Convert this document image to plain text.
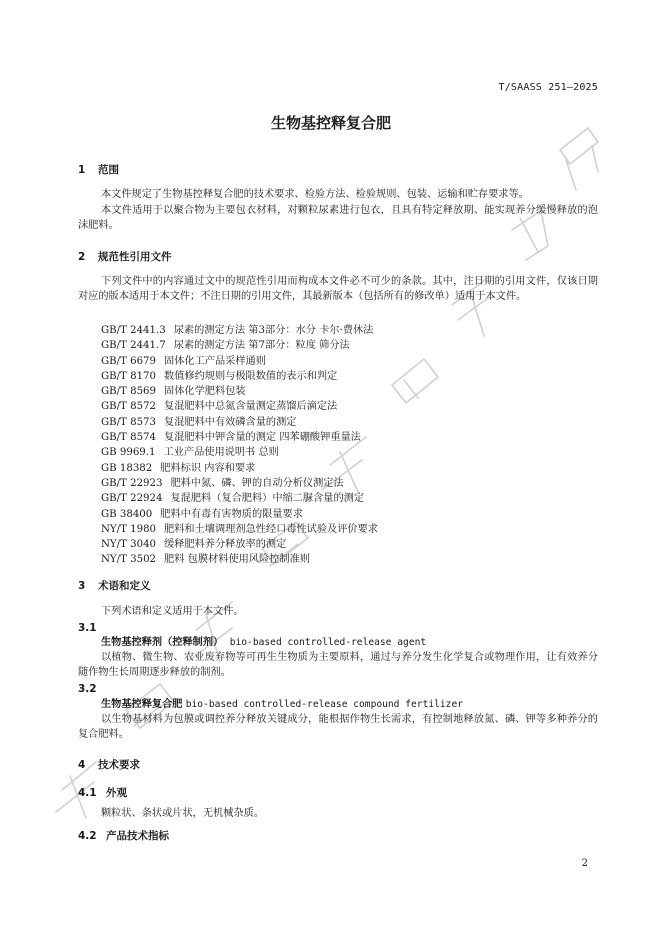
T/SAASS 251—2025
生物基控释复合肥
1 范围
本文件规定了生物基控释复合肥的技术要求、检验方法、检验规则、包装、运输和贮存要求等。
本文件适用于以聚合物为主要包衣材料，对颗粒尿素进行包衣，且具有特定释放期、能实现养分缓慢释放的泡沫肥料。
2 规范性引用文件
下列文件中的内容通过文中的规范性引用而构成本文件必不可少的条款。其中，注日期的引用文件，仅该日期对应的版本适用于本文件；不注日期的引用文件，其最新版本（包括所有的修改单）适用于本文件。
GB/T 2441.3 尿素的测定方法 第3部分：水分 卡尔·费休法
GB/T 2441.7 尿素的测定方法 第7部分：粒度 筛分法
GB/T 6679 固体化工产品采样通则
GB/T 8170 数值修约规则与极限数值的表示和判定
GB/T 8569 固体化学肥料包装
GB/T 8572 复混肥料中总氮含量测定蒸馏后滴定法
GB/T 8573 复混肥料中有效磷含量的测定
GB/T 8574 复混肥料中钾含量的测定 四苯硼酸钾重量法
GB 9969.1 工业产品使用说明书 总则
GB 18382 肥料标识 内容和要求
GB/T 22923 肥料中氮、磷、钾的自动分析仪测定法
GB/T 22924 复混肥料（复合肥料）中缩二脲含量的测定
GB 38400 肥料中有毒有害物质的限量要求
NY/T 1980 肥料和土壤调理剂急性经口毒性试验及评价要求
NY/T 3040 缓释肥料养分释放率的测定
NY/T 3502 肥料 包膜材料使用风险控制准则
3 术语和定义
下列术语和定义适用于本文件。
3.1
生物基控释剂（控释制剂） bio-based controlled-release agent
以植物、微生物、农业废弃物等可再生生物质为主要原料，通过与养分发生化学复合或物理作用，让有效养分随作物生长周期逐步释放的制剂。
3.2
生物基控释复合肥 bio-based controlled-release compound fertilizer
以生物基材料为包膜或调控养分释放关键成分，能根据作物生长需求，有控制地释放氮、磷、钾等多种养分的复合肥料。
4 技术要求
4.1 外观
颗粒状、条状或片状，无机械杂质。
4.2 产品技术指标
2
